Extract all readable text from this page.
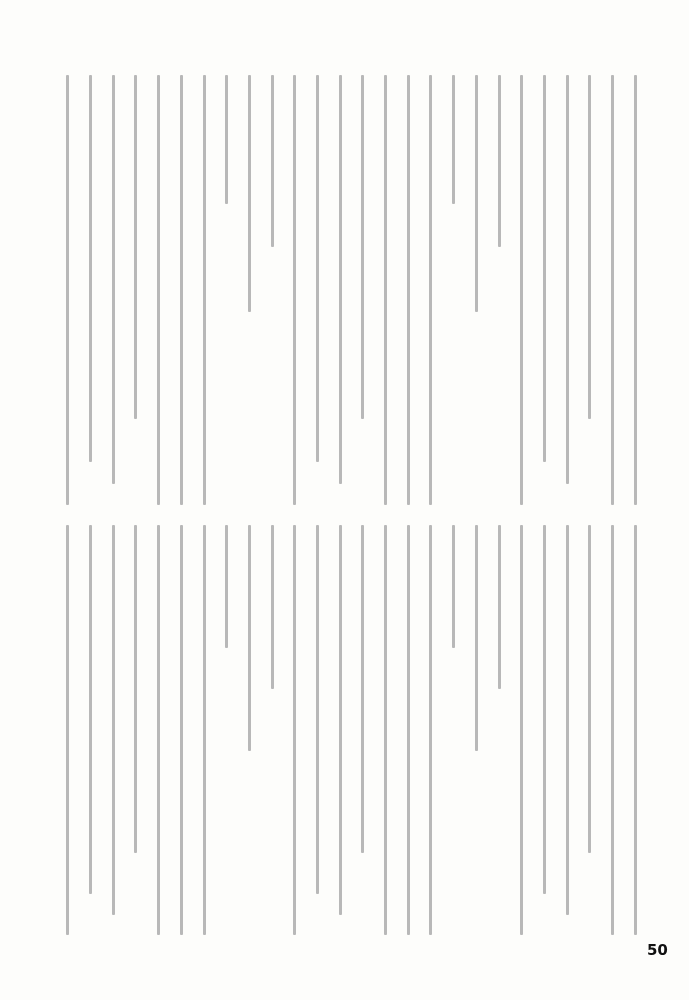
50
